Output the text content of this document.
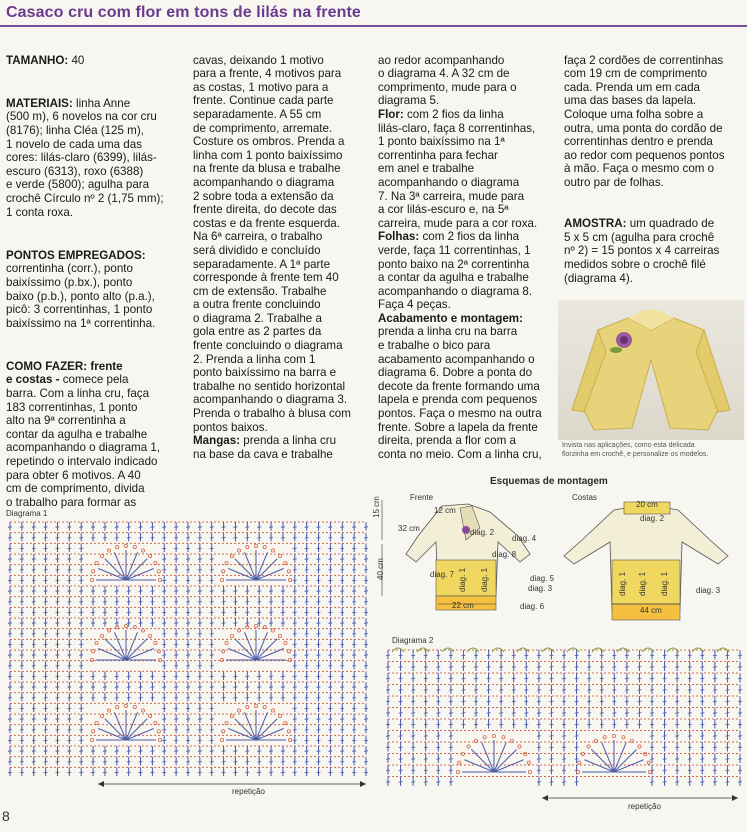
Casaco cru com flor em tons de lilás na frente

TAMANHO: 40

MATERIAIS: linha Anne
(500 m), 6 novelos na cor cru
(8176); linha Cléa (125 m),
1 novelo de cada uma das
cores: lilás-claro (6399), lilás-
escuro (6313), roxo (6388)
e verde (5800); agulha para
crochê Círculo nº 2 (1,75 mm);
1 conta roxa.

PONTOS EMPREGADOS:
correntinha (corr.), ponto
baixíssimo (p.bx.), ponto
baixo (p.b.), ponto alto (p.a.),
picô: 3 correntinhas, 1 ponto
baixíssimo na 1ª correntinha.

COMO FAZER: frente
e costas - comece pela
barra. Com a linha cru, faça
183 correntinhas, 1 ponto
alto na 9ª correntinha a
contar da agulha e trabalhe
acompanhando o diagrama 1,
repetindo o intervalo indicado
para obter 6 motivos. A 40
cm de comprimento, divida
o trabalho para formar as

cavas, deixando 1 motivo
para a frente, 4 motivos para
as costas, 1 motivo para a
frente. Continue cada parte
separadamente. A 55 cm
de comprimento, arremate.
Costure os ombros. Prenda a
linha com 1 ponto baixíssimo
na frente da blusa e trabalhe
acompanhando o diagrama
2 sobre toda a extensão da
frente direita, do decote das
costas e da frente esquerda.
Na 6ª carreira, o trabalho
será dividido e concluído
separadamente. A 1ª parte
corresponde à frente tem 40
cm de extensão. Trabalhe
a outra frente concluindo
o diagrama 2. Trabalhe a
gola entre as 2 partes da
frente concluindo o diagrama
2. Prenda a linha com 1
ponto baixíssimo na barra e
trabalhe no sentido horizontal
acompanhando o diagrama 3.
Prenda o trabalho à blusa com
pontos baixos.
Mangas: prenda a linha cru
na base da cava e trabalhe

ao redor acompanhando
o diagrama 4. A 32 cm de
comprimento, mude para o
diagrama 5.
Flor: com 2 fios da linha
lilás-claro, faça 8 correntinhas,
1 ponto baixíssimo na 1ª
correntinha para fechar
em anel e trabalhe
acompanhando o diagrama
7. Na 3ª carreira, mude para
a cor lilás-escuro e, na 5ª
carreira, mude para a cor roxa.
Folhas: com 2 fios da linha
verde, faça 11 correntinhas, 1
ponto baixo na 2ª correntinha
a contar da agulha e trabalhe
acompanhando o diagrama 8.
Faça 4 peças.
Acabamento e montagem:
prenda a linha cru na barra
e trabalhe o bico para
acabamento acompanhando o
diagrama 6. Dobre a ponta do
decote da frente formando uma
lapela e prenda com pequenos
pontos. Faça o mesmo na outra
frente. Sobre a lapela da frente
direita, prenda a flor com a
conta no meio. Com a linha cru,

faça 2 cordões de correntinhas
com 19 cm de comprimento
cada. Prenda um em cada
uma das bases da lapela.
Coloque uma folha sobre a
outra, uma ponta do cordão de
correntinhas dentro e prenda
ao redor com pequenos pontos
à mão. Faça o mesmo com o
outro par de folhas.

AMOSTRA: um quadrado de
5 x 5 cm (agulha para crochê
nº 2) = 15 pontos x 4 carreiras
medidos sobre o crochê filé
(diagrama 4).

Invista nas aplicações, como esta delicada
florzinha em crochê, e personalize os modelos.
Diagrama 1
repetição
Esquemas de montagem
Frente	Costas
15 cm
32 cm
12 cm
40 cm
22 cm
20 cm
44 cm
diag. 2
diag. 4
diag. 8
diag. 7	diag. 5
diag. 3
diag. 6
diag. 1 diag. 1
diag. 2
diag. 1 diag. 1 diag. 1	diag. 3
Diagrama 2
repetição
8
